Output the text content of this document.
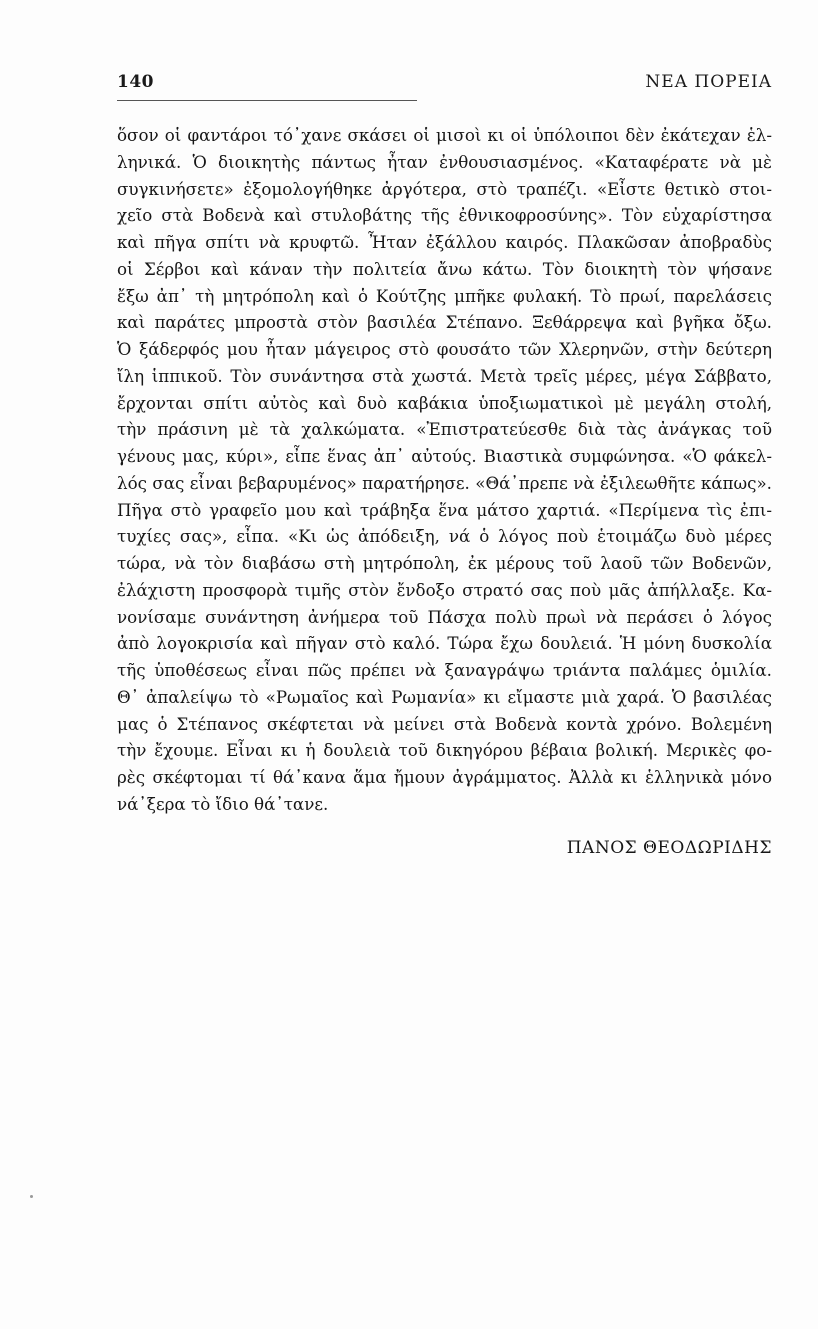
140	ΝΕΑ ΠΟΡΕΙΑ
ὅσον οἱ φαντάροι τό᾽χανε σκάσει οἱ μισοὶ κι οἱ ὑπόλοιποι δὲν ἐκάτεχαν ἑλ-
ληνικά. Ὁ διοικητὴς πάντως ἦταν ἐνθουσιασμένος. «Καταφέρατε νὰ μὲ
συγκινήσετε» ἐξομολογήθηκε ἀργότερα, στὸ τραπέζι. «Εἶστε θετικὸ στοι-
χεῖο στὰ Βοδενὰ καὶ στυλοβάτης τῆς ἐθνικοφροσύνης». Τὸν εὐχαρίστησα
καὶ πῆγα σπίτι νὰ κρυφτῶ. Ἦταν ἐξάλλου καιρός. Πλακῶσαν ἀποβραδὺς
οἱ Σέρβοι καὶ κάναν τὴν πολιτεία ἄνω κάτω. Τὸν διοικητὴ τὸν ψήσανε
ἔξω ἀπ᾽ τὴ μητρόπολη καὶ ὁ Κούτζης μπῆκε φυλακή. Τὸ πρωί, παρελάσεις
καὶ παράτες μπροστὰ στὸν βασιλέα Στέπανο. Ξεθάρρεψα καὶ βγῆκα ὄξω.
Ὁ ξάδερφός μου ἦταν μάγειρος στὸ φουσάτο τῶν Χλερηνῶν, στὴν δεύτερη
ἴλη ἱππικοῦ. Τὸν συνάντησα στὰ χωστά. Μετὰ τρεῖς μέρες, μέγα Σάββατο,
ἔρχονται σπίτι αὐτὸς καὶ δυὸ καβάκια ὑποξιωματικοὶ μὲ μεγάλη στολή,
τὴν πράσινη μὲ τὰ χαλκώματα. «Ἐπιστρατεύεσθε διὰ τὰς ἀνάγκας τοῦ
γένους μας, κύρι», εἶπε ἕνας ἀπ᾽ αὐτούς. Βιαστικὰ συμφώνησα. «Ὁ φάκελ-
λός σας εἶναι βεβαρυμένος» παρατήρησε. «Θά᾽πρεπε νὰ ἐξιλεωθῆτε κάπως».
Πῆγα στὸ γραφεῖο μου καὶ τράβηξα ἕνα μάτσο χαρτιά. «Περίμενα τὶς ἐπι-
τυχίες σας», εἶπα. «Κι ὡς ἀπόδειξη, νά ὁ λόγος ποὺ ἑτοιμάζω δυὸ μέρες
τώρα, νὰ τὸν διαβάσω στὴ μητρόπολη, ἐκ μέρους τοῦ λαοῦ τῶν Βοδενῶν,
ἐλάχιστη προσφορὰ τιμῆς στὸν ἔνδοξο στρατό σας ποὺ μᾶς ἀπήλλαξε. Κα-
νονίσαμε συνάντηση ἀνήμερα τοῦ Πάσχα πολὺ πρωὶ νὰ περάσει ὁ λόγος
ἀπὸ λογοκρισία καὶ πῆγαν στὸ καλό. Τώρα ἔχω δουλειά. Ἡ μόνη δυσκολία
τῆς ὑποθέσεως εἶναι πῶς πρέπει νὰ ξαναγράψω τριάντα παλάμες ὁμιλία.
Θ᾽ ἀπαλείψω τὸ «Ρωμαῖος καὶ Ρωμανία» κι εἴμαστε μιὰ χαρά. Ὁ βασιλέας
μας ὁ Στέπανος σκέφτεται νὰ μείνει στὰ Βοδενὰ κοντὰ χρόνο. Βολεμένη
τὴν ἔχουμε. Εἶναι κι ἡ δουλειὰ τοῦ δικηγόρου βέβαια βολική. Μερικὲς φο-
ρὲς σκέφτομαι τί θά᾽κανα ἅμα ἤμουν ἀγράμματος. Ἀλλὰ κι ἑλληνικὰ μόνο
νά᾽ξερα τὸ ἴδιο θά᾽τανε.
ΠΑΝΟΣ ΘΕΟΔΩΡΙΔΗΣ
